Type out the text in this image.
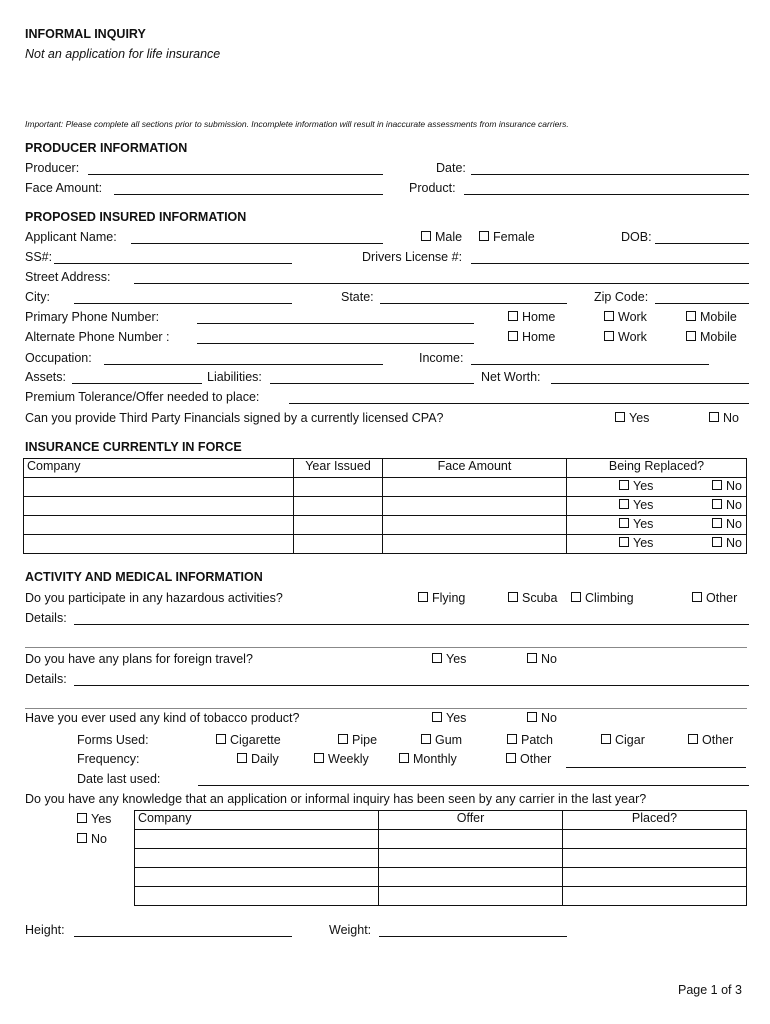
INFORMAL INQUIRY
Not an application for life insurance
Important: Please complete all sections prior to submission. Incomplete information will result in inaccurate assessments from insurance carriers.
PRODUCER INFORMATION
Producer:	Date:
Face Amount:	Product:
PROPOSED INSURED INFORMATION
Applicant Name:	Male	Female	DOB:
SS#:	Drivers License #:
Street Address:
City:	State:	Zip Code:
Primary Phone Number:	Home	Work	Mobile
Alternate Phone Number :	Home	Work	Mobile
Occupation:	Income:
Assets:	Liabilities:	Net Worth:
Premium Tolerance/Offer needed to place:
Can you provide Third Party Financials signed by a currently licensed CPA?	Yes	No
INSURANCE CURRENTLY IN FORCE
Company	Year Issued	Face Amount	Being Replaced?

			Yes No

			Yes No

			Yes No

			Yes No
ACTIVITY AND MEDICAL INFORMATION
Do you participate in any hazardous activities?	Flying	Scuba	Climbing	Other
Details:
Do you have any plans for foreign travel?	Yes	No
Details:
Have you ever used any kind of tobacco product?	Yes	No
Forms Used:	Cigarette	Pipe	Gum	Patch	Cigar	Other
Frequency:	Daily	Weekly	Monthly	Other
Date last used:
Do you have any knowledge that an application or informal inquiry has been seen by any carrier in the last year?
Yes
No
Company	Offer	Placed?

Height:	Weight:
Page 1 of 3
